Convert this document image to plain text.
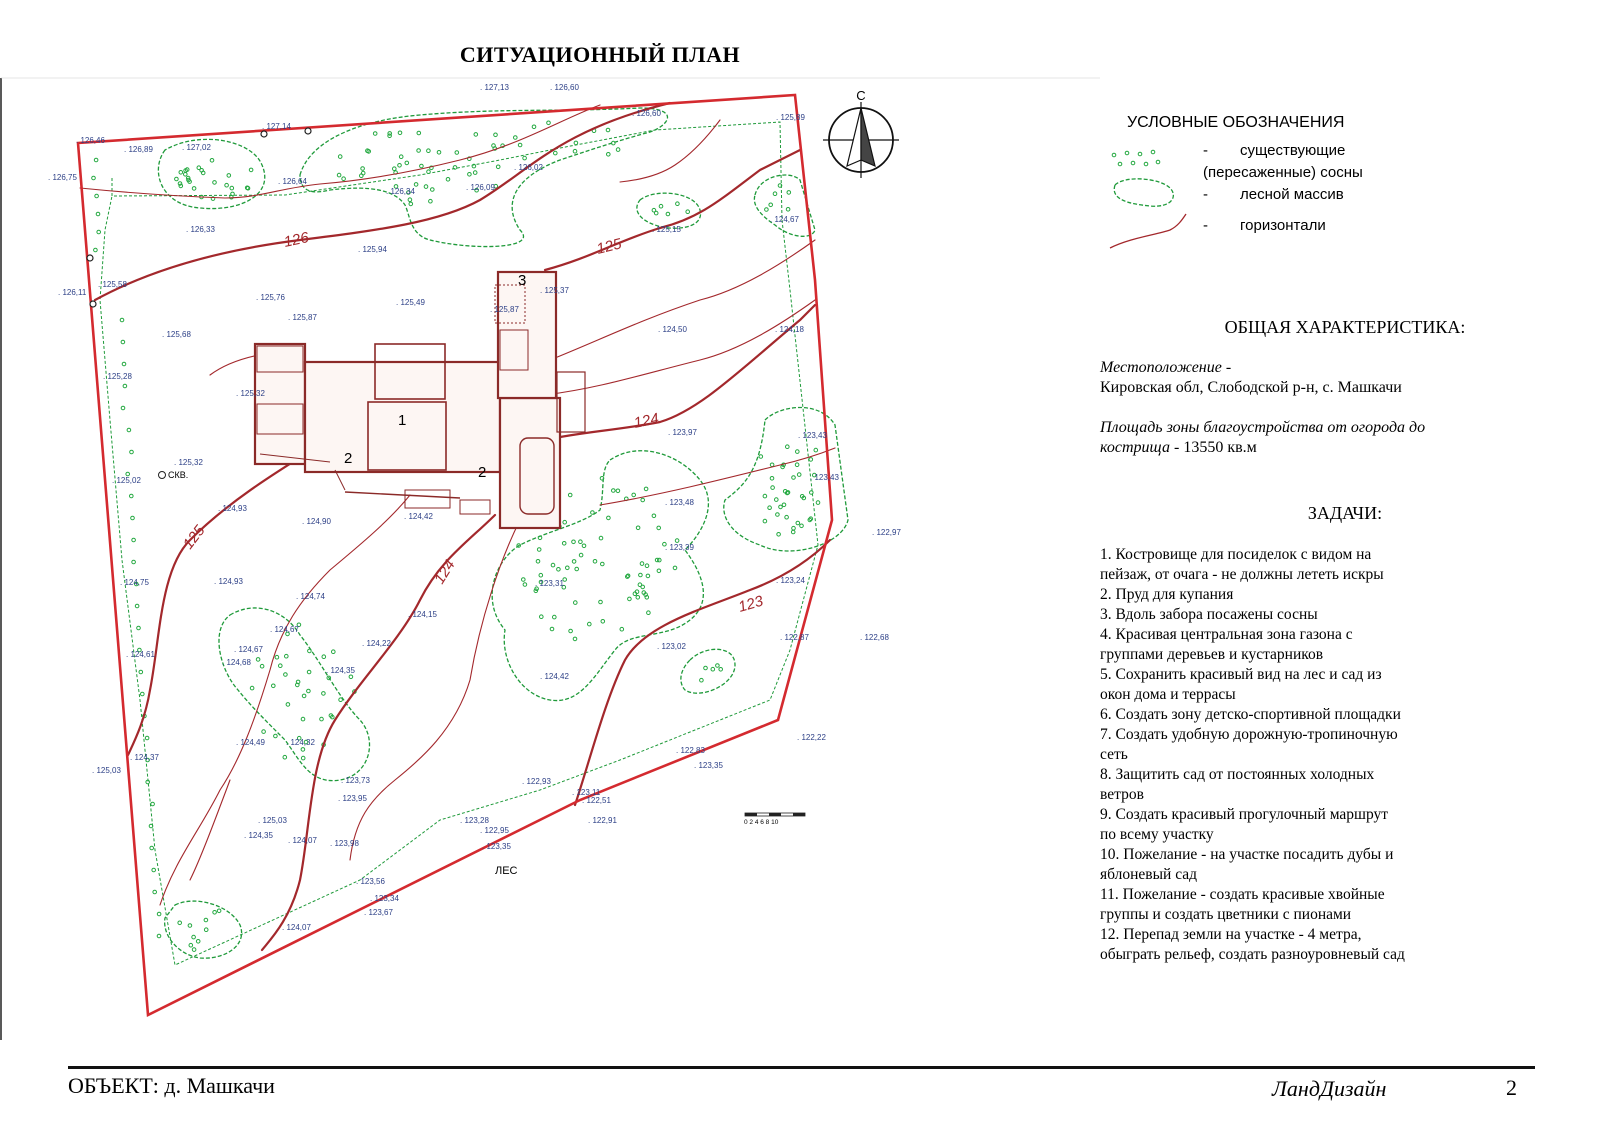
СИТУАЦИОННЫЙ ПЛАН
С
126	125
124
125
124
123
1
2
2
3
. 127,13	. 126,60
. 126,46
. 126,89
. 127,14
. 127,02
. 126,60	. 125,89
. 126,75	. 126,64
. 126,34	. 126,09
. 126,02
. 126,33
. 125,94
. 125,15
. 124,67
. 125,58
. 126,11
. 125,76
. 125,87
. 125,49
. 125,37
. 125,87
. 125,68
. 124,50	. 124,18
. 125,28
. 125,32
. 125,32
. 123,97	. 123,43
. 125,02
. 124,93
. 124,90
. 124,42
. 123,48
. 123,43
. 122,97
. 123,39
. 124,75	. 124,93
. 124,74
. 123,31	. 123,24
. 124,15
. 124,67
. 124,67
. 124,61
. 124,22	. 123,02
. 122,87	. 122,68
. 124,68
. 124,35
. 124,42
. 124,49	. 124,32
. 124,37
. 125,03
. 122,22
. 122,83
. 123,35
. 122,93
. 123,73
. 123,95
. 123,11
. 122,51
. 125,03	. 123,28	. 122,91
. 124,35
. 124,07 . 123,98
. 122,95
. 123,35
. 123,56
. 123,34
. 123,67
. 124,07
СКВ.
ЛЕС
0 2 4 6 8 10
УСЛОВНЫЕ ОБОЗНАЧЕНИЯ
- существующие
(пересаженные) сосны
- лесной массив
- горизонтали
ОБЩАЯ ХАРАКТЕРИСТИКА:
Местоположение -
Кировская обл, Слободской р-н, с. Машкачи
Площадь зоны благоустройства от огорода до
кострища - 13550 кв.м
ЗАДАЧИ:
1. Костровище для посиделок с видом на
пейзаж, от очага - не должны лететь искры
2. Пруд для купания
3. Вдоль забора посажены сосны
4. Красивая центральная зона газона с
группами деревьев и кустарников
5. Сохранить красивый вид на лес и сад из
окон дома и террасы
6. Создать зону детско-спортивной площадки
7. Создать удобную дорожную-тропиночную
сеть
8. Защитить сад от постоянных холодных
ветров
9. Создать красивый прогулочный маршрут
по всему участку
10. Пожелание - на участке посадить дубы и
яблоневый сад
11. Пожелание - создать красивые хвойные
группы и создать цветники с пионами
12. Перепад земли на участке - 4 метра,
обыграть рельеф, создать разноуровневый сад
ОБЪЕКТ: д. Машкачи	ЛандДизайн	2
